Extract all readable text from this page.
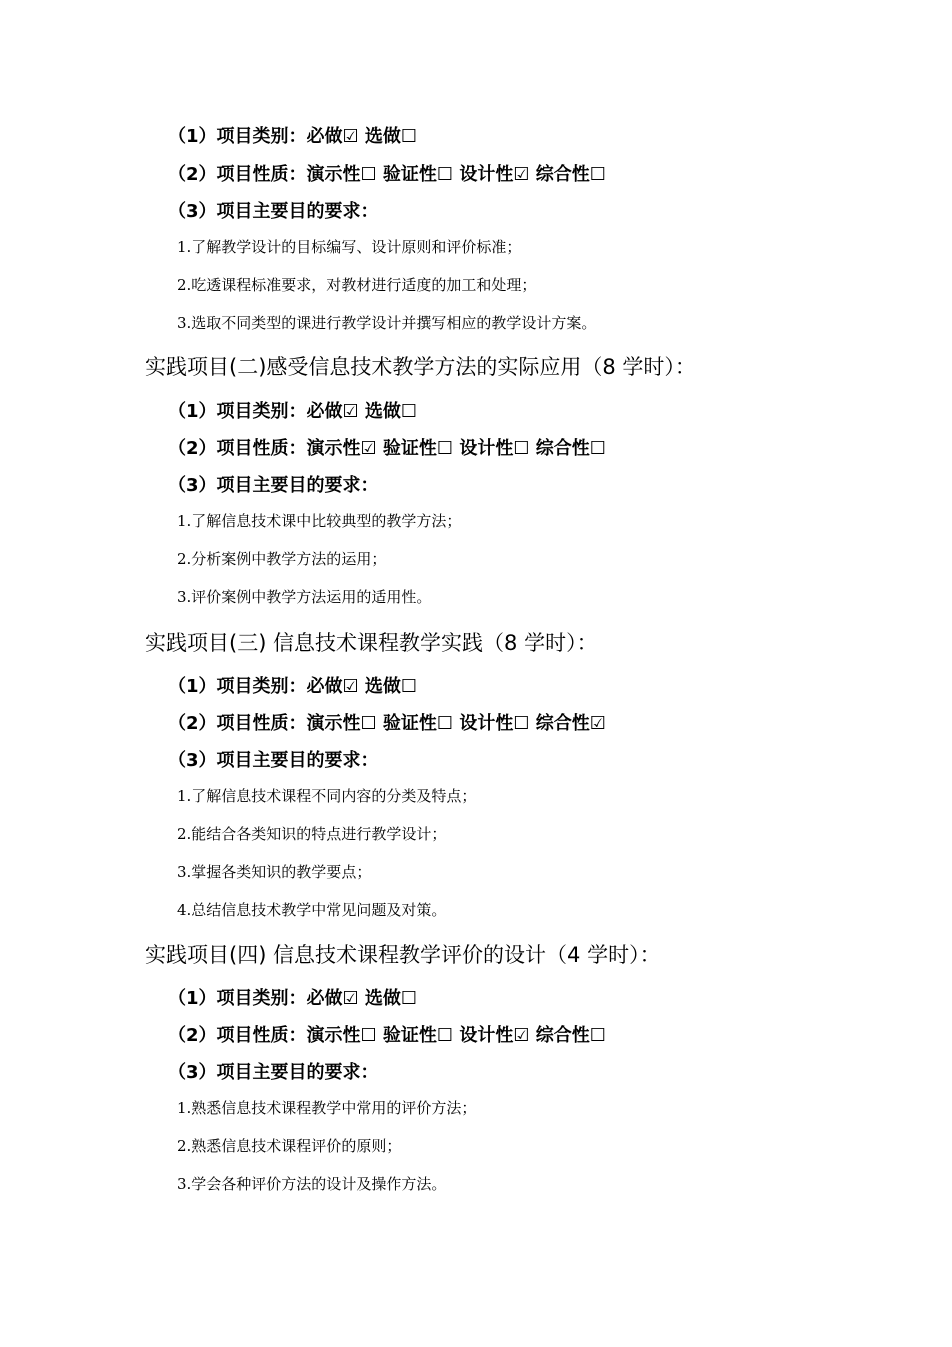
（1）项目类别：必做☑ 选做☐
（2）项目性质：演示性☐ 验证性☐ 设计性☑ 综合性☐
（3）项目主要目的要求：
1.了解教学设计的目标编写、设计原则和评价标准；
2.吃透课程标准要求，对教材进行适度的加工和处理；
3.选取不同类型的课进行教学设计并撰写相应的教学设计方案。
实践项目(二)感受信息技术教学方法的实际应用（8 学时）：
（1）项目类别：必做☑ 选做☐
（2）项目性质：演示性☑ 验证性☐ 设计性☐ 综合性☐
（3）项目主要目的要求：
1.了解信息技术课中比较典型的教学方法；
2.分析案例中教学方法的运用；
3.评价案例中教学方法运用的适用性。
实践项目(三) 信息技术课程教学实践（8 学时）：
（1）项目类别：必做☑ 选做☐
（2）项目性质：演示性☐ 验证性☐ 设计性☐ 综合性☑
（3）项目主要目的要求：
1.了解信息技术课程不同内容的分类及特点；
2.能结合各类知识的特点进行教学设计；
3.掌握各类知识的教学要点；
4.总结信息技术教学中常见问题及对策。
实践项目(四) 信息技术课程教学评价的设计（4 学时）：
（1）项目类别：必做☑ 选做☐
（2）项目性质：演示性☐ 验证性☐ 设计性☑ 综合性☐
（3）项目主要目的要求：
1.熟悉信息技术课程教学中常用的评价方法；
2.熟悉信息技术课程评价的原则；
3.学会各种评价方法的设计及操作方法。
